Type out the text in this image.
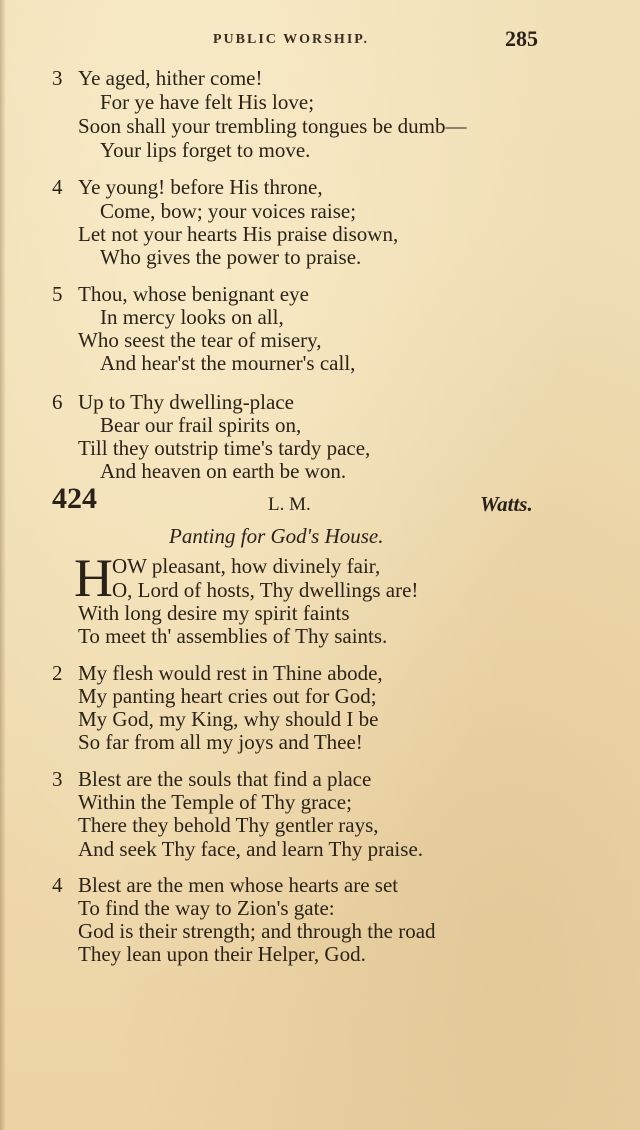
PUBLIC WORSHIP.	285
3 Ye aged, hither come!
For ye have felt His love;
Soon shall your trembling tongues be dumb—
Your lips forget to move.
4 Ye young! before His throne,
Come, bow; your voices raise;
Let not your hearts His praise disown,
Who gives the power to praise.
5 Thou, whose benignant eye
In mercy looks on all,
Who seest the tear of misery,
And hear'st the mourner's call,
6 Up to Thy dwelling-place
Bear our frail spirits on,
Till they outstrip time's tardy pace,
And heaven on earth be won.
424	L. M.	Watts.
Panting for God's House.
H OW pleasant, how divinely fair,
O, Lord of hosts, Thy dwellings are!
With long desire my spirit faints
To meet th' assemblies of Thy saints.
2 My flesh would rest in Thine abode,
My panting heart cries out for God;
My God, my King, why should I be
So far from all my joys and Thee!
3 Blest are the souls that find a place
Within the Temple of Thy grace;
There they behold Thy gentler rays,
And seek Thy face, and learn Thy praise.
4 Blest are the men whose hearts are set
To find the way to Zion's gate:
God is their strength; and through the road
They lean upon their Helper, God.
